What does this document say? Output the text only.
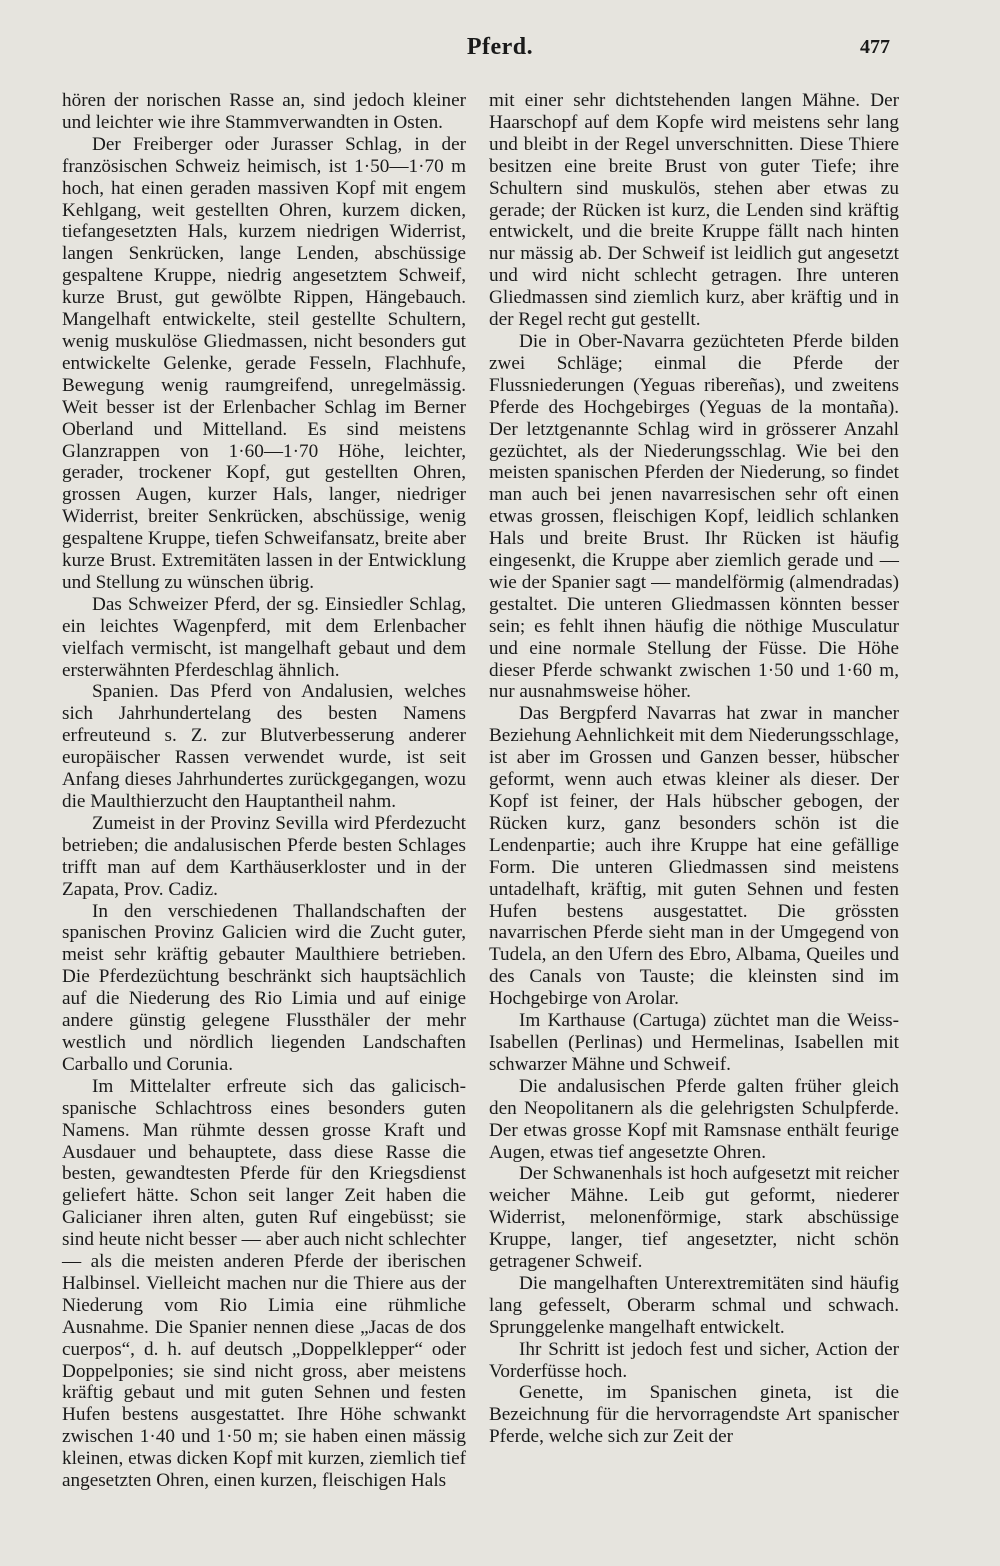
Pferd.	477

hören der norischen Rasse an, sind jedoch kleiner und leichter wie ihre Stammverwandten in Osten.

Der Freiberger oder Jurasser Schlag, in der französischen Schweiz heimisch, ist 1·50—1·70 m hoch, hat einen geraden massiven Kopf mit engem Kehlgang, weit gestellten Ohren, kurzem dicken, tiefangesetzten Hals, kurzem niedrigen Widerrist, langen Senkrücken, lange Lenden, abschüssige gespaltene Kruppe, niedrig angesetztem Schweif, kurze Brust, gut gewölbte Rippen, Hängebauch. Mangelhaft entwickelte, steil gestellte Schultern, wenig muskulöse Gliedmassen, nicht besonders gut entwickelte Gelenke, gerade Fesseln, Flachhufe, Bewegung wenig raumgreifend, unregelmässig. Weit besser ist der Erlenbacher Schlag im Berner Oberland und Mittelland. Es sind meistens Glanzrappen von 1·60—1·70 Höhe, leichter, gerader, trockener Kopf, gut gestellten Ohren, grossen Augen, kurzer Hals, langer, niedriger Widerrist, breiter Senkrücken, abschüssige, wenig gespaltene Kruppe, tiefen Schweifansatz, breite aber kurze Brust. Extremitäten lassen in der Entwicklung und Stellung zu wünschen übrig.

Das Schweizer Pferd, der sg. Einsiedler Schlag, ein leichtes Wagenpferd, mit dem Erlenbacher vielfach vermischt, ist mangelhaft gebaut und dem ersterwähnten Pferdeschlag ähnlich.

Spanien. Das Pferd von Andalusien, welches sich Jahrhundertelang des besten Namens erfreuteund s. Z. zur Blutverbesserung anderer europäischer Rassen verwendet wurde, ist seit Anfang dieses Jahrhundertes zurückgegangen, wozu die Maulthierzucht den Hauptantheil nahm.

Zumeist in der Provinz Sevilla wird Pferdezucht betrieben; die andalusischen Pferde besten Schlages trifft man auf dem Karthäuserkloster und in der Zapata, Prov. Cadiz.

In den verschiedenen Thallandschaften der spanischen Provinz Galicien wird die Zucht guter, meist sehr kräftig gebauter Maulthiere betrieben. Die Pferdezüchtung beschränkt sich hauptsächlich auf die Niederung des Rio Limia und auf einige andere günstig gelegene Flussthäler der mehr westlich und nördlich liegenden Landschaften Carballo und Corunia.

Im Mittelalter erfreute sich das galicisch-spanische Schlachtross eines besonders guten Namens. Man rühmte dessen grosse Kraft und Ausdauer und behauptete, dass diese Rasse die besten, gewandtesten Pferde für den Kriegsdienst geliefert hätte. Schon seit langer Zeit haben die Galicianer ihren alten, guten Ruf eingebüsst; sie sind heute nicht besser — aber auch nicht schlechter — als die meisten anderen Pferde der iberischen Halbinsel. Vielleicht machen nur die Thiere aus der Niederung vom Rio Limia eine rühmliche Ausnahme. Die Spanier nennen diese „Jacas de dos cuerpos“, d. h. auf deutsch „Doppelklepper“ oder Doppelponies; sie sind nicht gross, aber meistens kräftig gebaut und mit guten Sehnen und festen Hufen bestens ausgestattet. Ihre Höhe schwankt zwischen 1·40 und 1·50 m; sie haben einen mässig kleinen, etwas dicken Kopf mit kurzen, ziemlich tief angesetzten Ohren, einen kurzen, fleischigen Hals

mit einer sehr dichtstehenden langen Mähne. Der Haarschopf auf dem Kopfe wird meistens sehr lang und bleibt in der Regel unverschnitten. Diese Thiere besitzen eine breite Brust von guter Tiefe; ihre Schultern sind muskulös, stehen aber etwas zu gerade; der Rücken ist kurz, die Lenden sind kräftig entwickelt, und die breite Kruppe fällt nach hinten nur mässig ab. Der Schweif ist leidlich gut angesetzt und wird nicht schlecht getragen. Ihre unteren Gliedmassen sind ziemlich kurz, aber kräftig und in der Regel recht gut gestellt.

Die in Ober-Navarra gezüchteten Pferde bilden zwei Schläge; einmal die Pferde der Flussniederungen (Yeguas ribereñas), und zweitens Pferde des Hochgebirges (Yeguas de la montaña). Der letztgenannte Schlag wird in grösserer Anzahl gezüchtet, als der Niederungsschlag. Wie bei den meisten spanischen Pferden der Niederung, so findet man auch bei jenen navarresischen sehr oft einen etwas grossen, fleischigen Kopf, leidlich schlanken Hals und breite Brust. Ihr Rücken ist häufig eingesenkt, die Kruppe aber ziemlich gerade und — wie der Spanier sagt — mandelförmig (almendradas) gestaltet. Die unteren Gliedmassen könnten besser sein; es fehlt ihnen häufig die nöthige Musculatur und eine normale Stellung der Füsse. Die Höhe dieser Pferde schwankt zwischen 1·50 und 1·60 m, nur ausnahmsweise höher.

Das Bergpferd Navarras hat zwar in mancher Beziehung Aehnlichkeit mit dem Niederungsschlage, ist aber im Grossen und Ganzen besser, hübscher geformt, wenn auch etwas kleiner als dieser. Der Kopf ist feiner, der Hals hübscher gebogen, der Rücken kurz, ganz besonders schön ist die Lendenpartie; auch ihre Kruppe hat eine gefällige Form. Die unteren Gliedmassen sind meistens untadelhaft, kräftig, mit guten Sehnen und festen Hufen bestens ausgestattet. Die grössten navarrischen Pferde sieht man in der Umgegend von Tudela, an den Ufern des Ebro, Albama, Queiles und des Canals von Tauste; die kleinsten sind im Hochgebirge von Arolar.

Im Karthause (Cartuga) züchtet man die Weiss-Isabellen (Perlinas) und Hermelinas, Isabellen mit schwarzer Mähne und Schweif.

Die andalusischen Pferde galten früher gleich den Neopolitanern als die gelehrigsten Schulpferde. Der etwas grosse Kopf mit Ramsnase enthält feurige Augen, etwas tief angesetzte Ohren.

Der Schwanenhals ist hoch aufgesetzt mit reicher weicher Mähne. Leib gut geformt, niederer Widerrist, melonenförmige, stark abschüssige Kruppe, langer, tief angesetzter, nicht schön getragener Schweif.

Die mangelhaften Unterextremitäten sind häufig lang gefesselt, Oberarm schmal und schwach. Sprunggelenke mangelhaft entwickelt.

Ihr Schritt ist jedoch fest und sicher, Action der Vorderfüsse hoch.

Genette, im Spanischen gineta, ist die Bezeichnung für die hervorragendste Art spanischer Pferde, welche sich zur Zeit der
